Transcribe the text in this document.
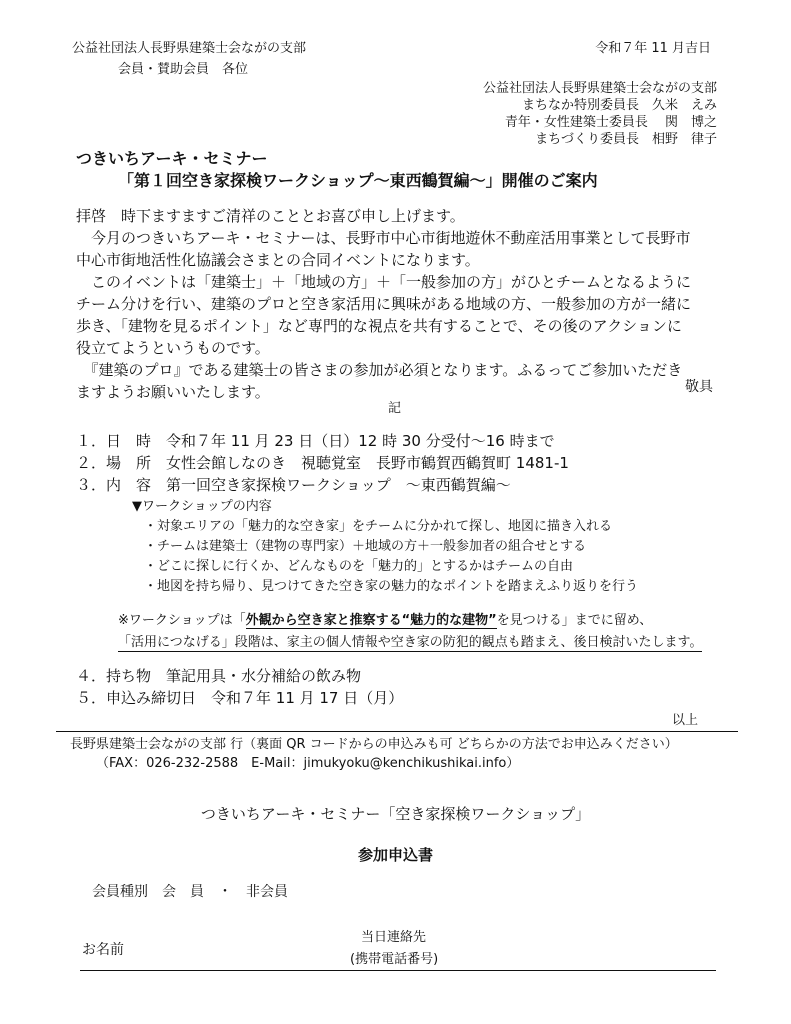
公益社団法人長野県建築士会ながの支部	令和７年 11 月吉日
会員・賛助会員　各位
公益社団法人長野県建築士会ながの支部
まちなか特別委員長　久米　えみ
青年・女性建築士委員長　 関　博之
まちづくり委員長　相野　律子
つきいちアーキ・セミナー
「第１回空き家探検ワークショップ～東西鶴賀編～」開催のご案内
拝啓　時下ますますご清祥のこととお喜び申し上げます。
　今月のつきいちアーキ・セミナーは、長野市中心市街地遊休不動産活用事業として長野市
中心市街地活性化協議会さまとの合同イベントになります。
　このイベントは「建築士」＋「地域の方」＋「一般参加の方」がひとチームとなるように
チーム分けを行い、建築のプロと空き家活用に興味がある地域の方、一般参加の方が一緒に
歩き、「建物を見るポイント」など専門的な視点を共有することで、その後のアクションに
役立てようというものです。
　『建築のプロ』である建築士の皆さまの参加が必須となります。ふるってご参加いただき
ますようお願いいたします。	敬具
記
１．日　時　令和７年 11 月 23 日（日）12 時 30 分受付～16 時まで
２．場　所　女性会館しなのき　視聴覚室　長野市鶴賀西鶴賀町 1481-1
３．内　容　第一回空き家探検ワークショップ　～東西鶴賀編～
▼ワークショップの内容
・対象エリアの「魅力的な空き家」をチームに分かれて探し、地図に描き入れる
・チームは建築士（建物の専門家）＋地域の方＋一般参加者の組合せとする
・どこに探しに行くか、どんなものを「魅力的」とするかはチームの自由
・地図を持ち帰り、見つけてきた空き家の魅力的なポイントを踏まえふり返りを行う
※ワークショップは「外観から空き家と推察する“魅力的な建物”を見つける」までに留め、
「活用につなげる」段階は、家主の個人情報や空き家の防犯的観点も踏まえ、後日検討いたします。
４．持ち物　筆記用具・水分補給の飲み物
５．申込み締切日　令和７年 11 月 17 日（月）
以上
長野県建築士会ながの支部 行（裏面 QR コードからの申込みも可 どちらかの方法でお申込みください）
（FAX：026-232-2588　E-Mail：jimukyoku@kenchikushikai.info）
つきいちアーキ・セミナー「空き家探検ワークショップ」
参加申込書
会員種別　会　員　・　非会員
当日連絡先
お名前
(携帯電話番号)
